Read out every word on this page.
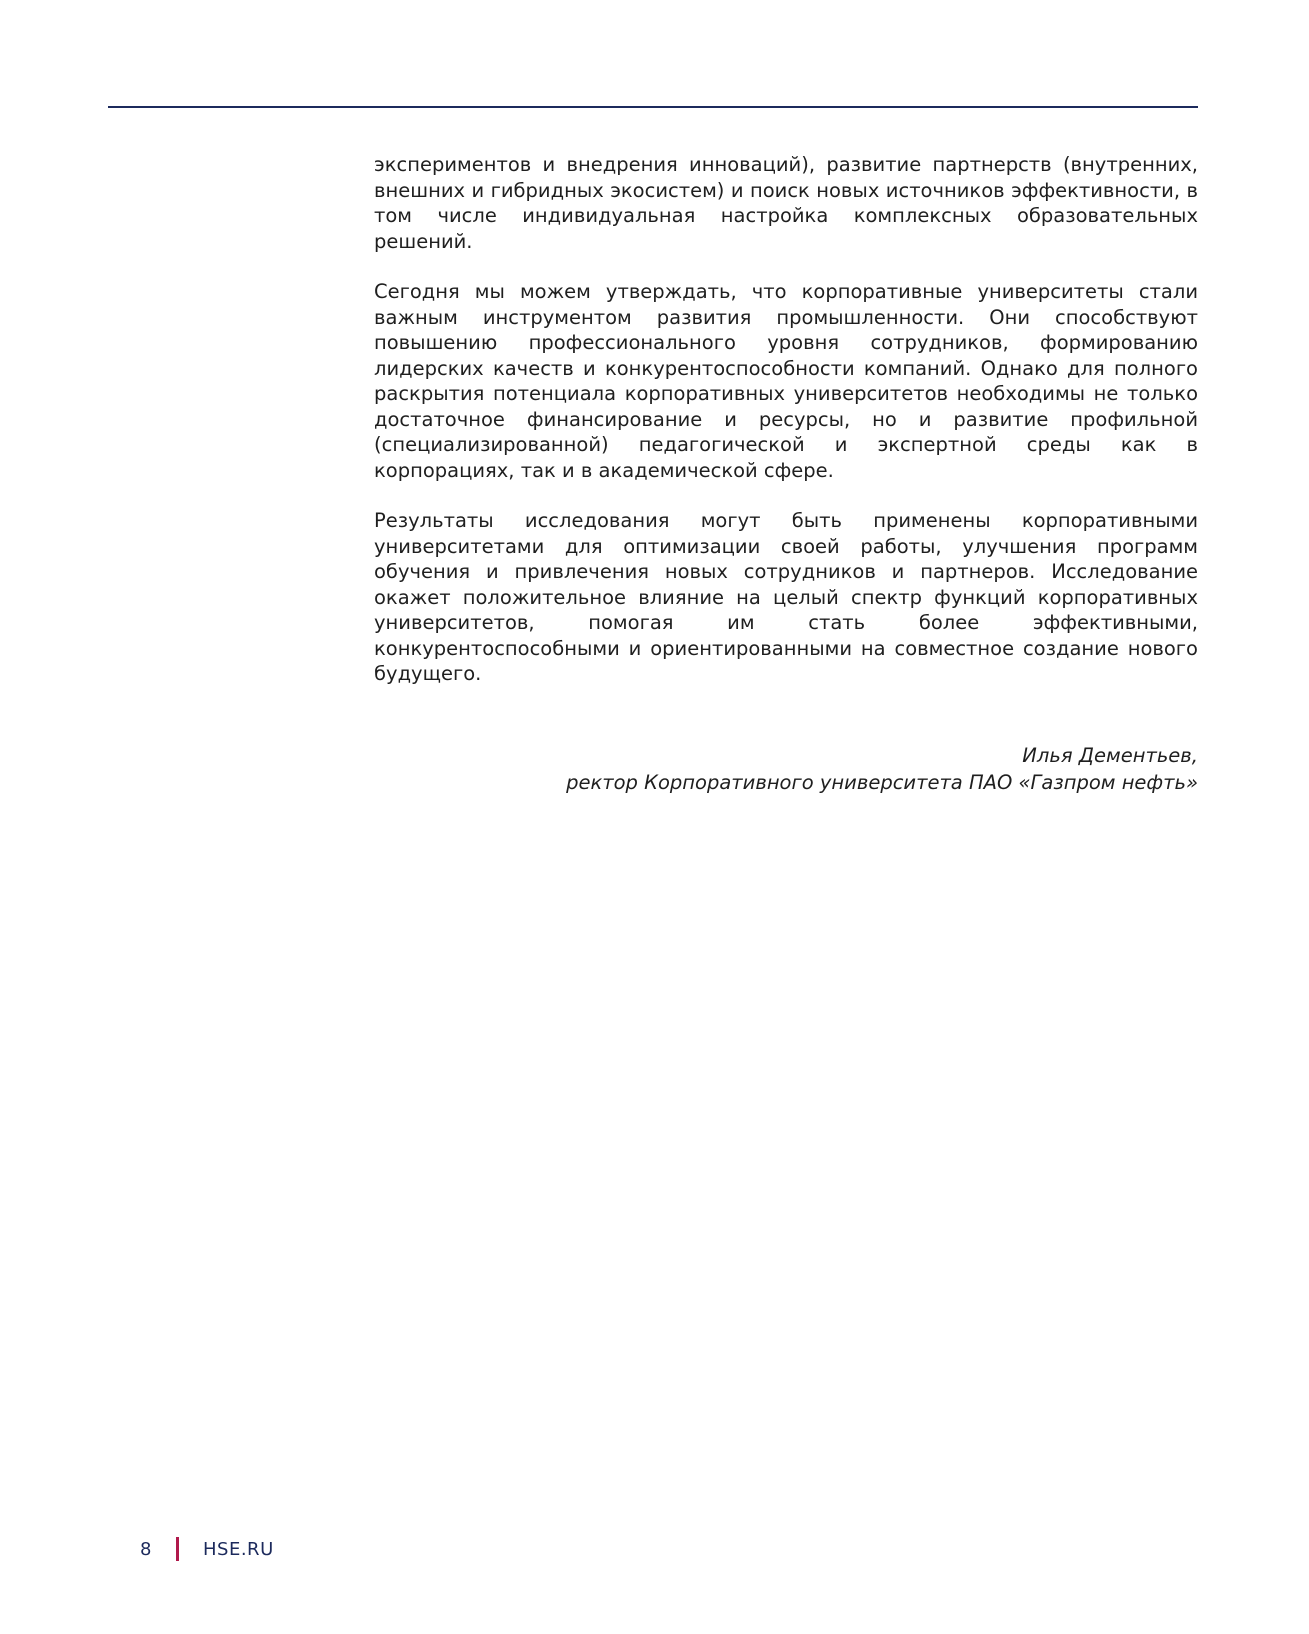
экспериментов и внедрения инноваций), развитие партнерств (внутренних, внешних и гибридных экосистем) и поиск новых источников эффективности, в том числе индивидуальная настройка комплексных образовательных решений.

Сегодня мы можем утверждать, что корпоративные университеты стали важным инструментом развития промышленности. Они способствуют повышению профессионального уровня сотрудников, формированию лидерских качеств и конкурентоспособности компаний. Однако для полного раскрытия потенциала корпоративных университетов необходимы не только достаточное финансирование и ресурсы, но и развитие профильной (специализированной) педагогической и экспертной среды как в корпорациях, так и в академической сфере.

Результаты исследования могут быть применены корпоративными университетами для оптимизации своей работы, улучшения программ обучения и привлечения новых сотрудников и партнеров. Исследование окажет положительное влияние на целый спектр функций корпоративных университетов, помогая им стать более эффективными, конкурентоспособными и ориентированными на совместное создание нового будущего.

Илья Дементьев,
ректор Корпоративного университета ПАО «Газпром нефть»
8	HSE.RU
